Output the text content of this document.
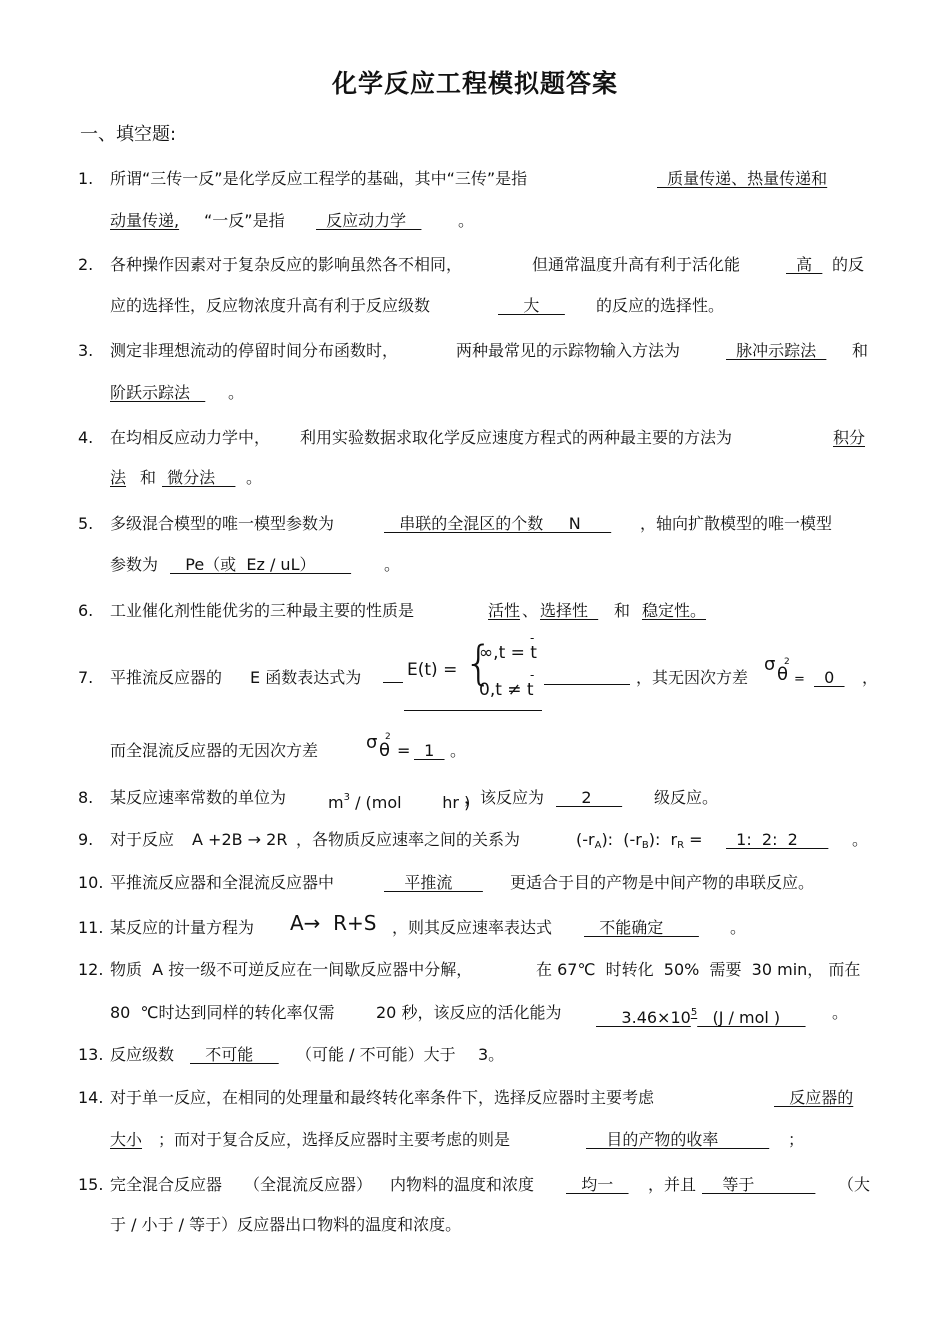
化学反应工程模拟题答案
一、填空题:
1.	所谓“三传一反”是化学反应工程学的基础，其中“三传”是指	质量传递、热量传递和
动量传递, “一反”是指 反应动力学 。
2.	各种操作因素对于复杂反应的影响虽然各不相同，	但通常温度升高有利于活化能	高 的反
应的选择性，反应物浓度升高有利于反应级数	大 的反应的选择性。
3.	测定非理想流动的停留时间分布函数时，	两种最常见的示踪物输入方法为	脉冲示踪法 和
阶跃示踪法 。
4.	在均相反应动力学中， 利用实验数据求取化学反应速度方程式的两种最主要的方法为	积分
法 和 微分法 。
5.	多级混合模型的唯一模型参数为	串联的全混区的个数     N ，轴向扩散模型的唯一模型
参数为 Pe（或  Ez / uL） 。
6.	工业催化剂性能优劣的三种最主要的性质是	活性 、 选择性 和 稳定性。
7.	平推流反应器的 E 函数表达式为	，其无因次方差	，
E(t) = {
∞,t = t
0,t ≠ t
-
-	σ θ
2
= 0
而全混流反应器的无因次方差	σ θ
2
= 1 。
8.	某反应速率常数的单位为	$m^3 / (mol$        hr )
，该反应为 2 级反应。
9.	对于反应 A +2B → 2R ，各物质反应速率之间的关系为	$(-r_A)$:  $(-r_B)$:  $r_R = 1$:  2:  2 。
10. 平推流反应器和全混流反应器中	平推流 更适合于目的产物是中间产物的串联反应。
11. 某反应的计量方程为 A→  R+S ，则其反应速率表达式 不能确定 。
12. 物质  A 按一级不可逆反应在一间歇反应器中分解，	在 67℃  时转化  50%  需要  30 min， 而在
80  ℃时达到同样的转化率仅需	20 秒，该反应的活化能为 $3.46\times 10^5$   (J / mol ) 。
13. 反应级数 不可能 （可能 / 不可能）大于 3。
14. 对于单一反应，在相同的处理量和最终转化率条件下，选择反应器时主要考虑	反应器的
大小 ；而对于复合反应，选择反应器时主要考虑的则是	目的产物的收率 ；
15. 完全混合反应器 （全混流反应器） 内物料的温度和浓度 均一 ，并且 等于 （大
于 / 小于 / 等于）反应器出口物料的温度和浓度。
